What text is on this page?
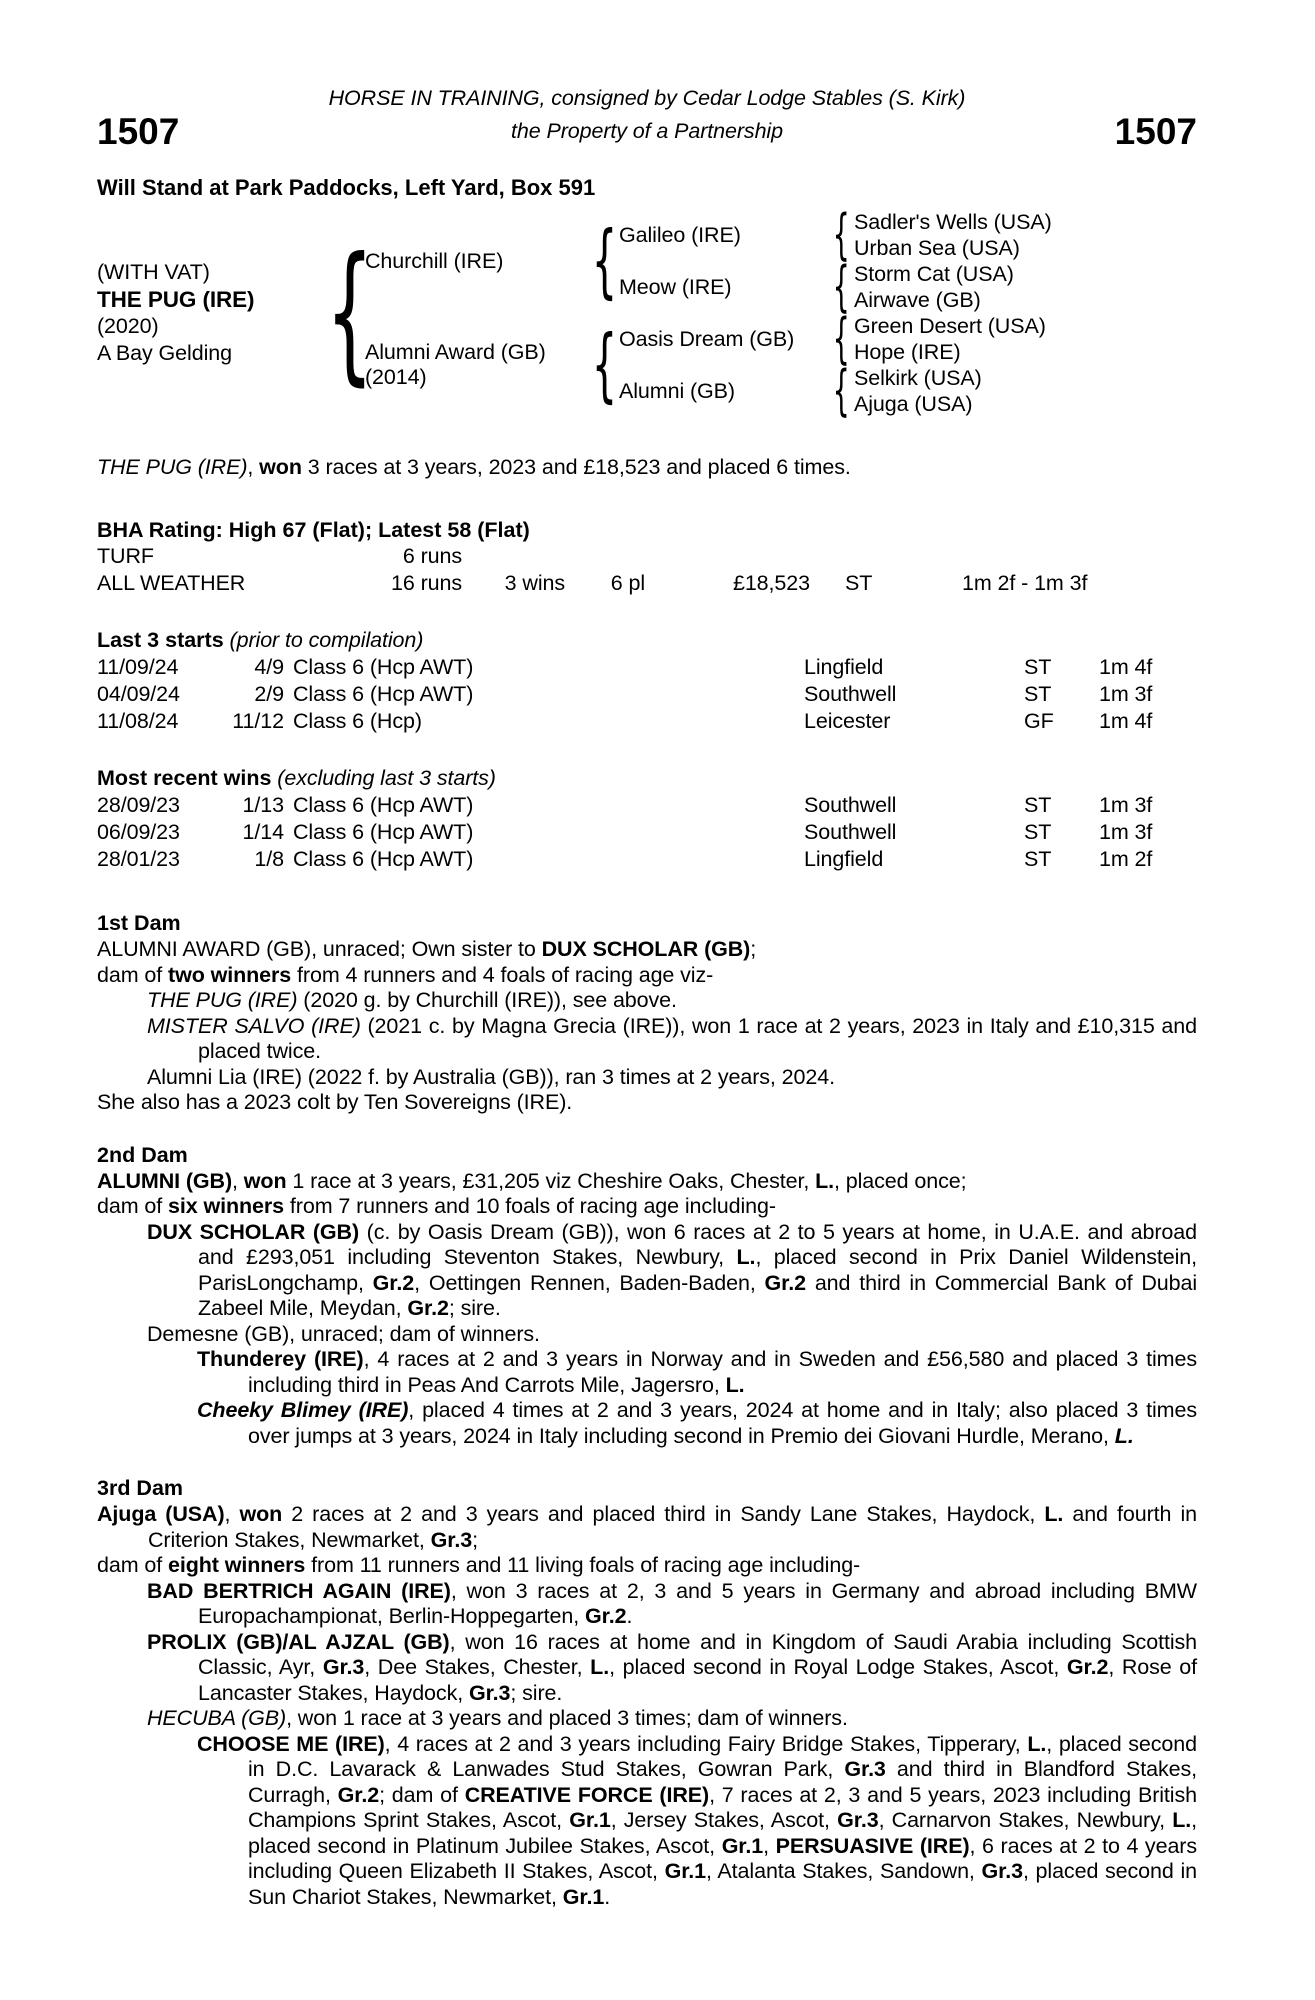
HORSE IN TRAINING, consigned by Cedar Lodge Stables (S. Kirk)
1507	the Property of a Partnership	1507
Will Stand at Park Paddocks, Left Yard, Box 591
(WITH VAT)
THE PUG (IRE)
(2020)
A Bay Gelding {
Churchill (IRE)	{ Galileo (IRE)	{ Sadler's Wells (USA)
Urban Sea (USA)
Meow (IRE)	{ Storm Cat (USA)
Airwave (GB)
Alumni Award (GB)
(2014)	{ Oasis Dream (GB) { Green Desert (USA)
Hope (IRE)
Alumni (GB)	{ Selkirk (USA)
Ajuga (USA)
THE PUG (IRE), won 3 races at 3 years, 2023 and £18,523 and placed 6 times.
BHA Rating: High 67 (Flat); Latest 58 (Flat)
TURF	6 runs
ALL WEATHER	16 runs	3 wins	6 pl	£18,523	ST	1m 2f - 1m 3f
Last 3 starts (prior to compilation)
11/09/24	4/9 Class 6 (Hcp AWT)	Lingfield	ST	1m 4f
04/09/24	2/9 Class 6 (Hcp AWT)	Southwell	ST	1m 3f
11/08/24	11/12 Class 6 (Hcp)	Leicester	GF	1m 4f
Most recent wins (excluding last 3 starts)
28/09/23	1/13 Class 6 (Hcp AWT)	Southwell	ST	1m 3f
06/09/23	1/14 Class 6 (Hcp AWT)	Southwell	ST	1m 3f
28/01/23	1/8 Class 6 (Hcp AWT)	Lingfield	ST	1m 2f
1st Dam
ALUMNI AWARD (GB), unraced; Own sister to DUX SCHOLAR (GB);
dam of two winners from 4 runners and 4 foals of racing age viz-
THE PUG (IRE) (2020 g. by Churchill (IRE)), see above.
MISTER SALVO (IRE) (2021 c. by Magna Grecia (IRE)), won 1 race at 2 years, 2023 in Italy and £10,315 and placed twice.
Alumni Lia (IRE) (2022 f. by Australia (GB)), ran 3 times at 2 years, 2024.
She also has a 2023 colt by Ten Sovereigns (IRE).
2nd Dam
ALUMNI (GB), won 1 race at 3 years, £31,205 viz Cheshire Oaks, Chester, L., placed once;
dam of six winners from 7 runners and 10 foals of racing age including-
DUX SCHOLAR (GB) (c. by Oasis Dream (GB)), won 6 races at 2 to 5 years at home, in U.A.E. and abroad and £293,051 including Steventon Stakes, Newbury, L., placed second in Prix Daniel Wildenstein, ParisLongchamp, Gr.2, Oettingen Rennen, Baden-Baden, Gr.2 and third in Commercial Bank of Dubai Zabeel Mile, Meydan, Gr.2; sire.
Demesne (GB), unraced; dam of winners.
Thunderey (IRE), 4 races at 2 and 3 years in Norway and in Sweden and £56,580 and placed 3 times including third in Peas And Carrots Mile, Jagersro, L.
Cheeky Blimey (IRE), placed 4 times at 2 and 3 years, 2024 at home and in Italy; also placed 3 times over jumps at 3 years, 2024 in Italy including second in Premio dei Giovani Hurdle, Merano, L.
3rd Dam
Ajuga (USA), won 2 races at 2 and 3 years and placed third in Sandy Lane Stakes, Haydock, L. and fourth in Criterion Stakes, Newmarket, Gr.3;
dam of eight winners from 11 runners and 11 living foals of racing age including-
BAD BERTRICH AGAIN (IRE), won 3 races at 2, 3 and 5 years in Germany and abroad including BMW Europachampionat, Berlin-Hoppegarten, Gr.2.
PROLIX (GB)/AL AJZAL (GB), won 16 races at home and in Kingdom of Saudi Arabia including Scottish Classic, Ayr, Gr.3, Dee Stakes, Chester, L., placed second in Royal Lodge Stakes, Ascot, Gr.2, Rose of Lancaster Stakes, Haydock, Gr.3; sire.
HECUBA (GB), won 1 race at 3 years and placed 3 times; dam of winners.
CHOOSE ME (IRE), 4 races at 2 and 3 years including Fairy Bridge Stakes, Tipperary, L., placed second in D.C. Lavarack & Lanwades Stud Stakes, Gowran Park, Gr.3 and third in Blandford Stakes, Curragh, Gr.2; dam of CREATIVE FORCE (IRE), 7 races at 2, 3 and 5 years, 2023 including British Champions Sprint Stakes, Ascot, Gr.1, Jersey Stakes, Ascot, Gr.3, Carnarvon Stakes, Newbury, L., placed second in Platinum Jubilee Stakes, Ascot, Gr.1, PERSUASIVE (IRE), 6 races at 2 to 4 years including Queen Elizabeth II Stakes, Ascot, Gr.1, Atalanta Stakes, Sandown, Gr.3, placed second in Sun Chariot Stakes, Newmarket, Gr.1.
